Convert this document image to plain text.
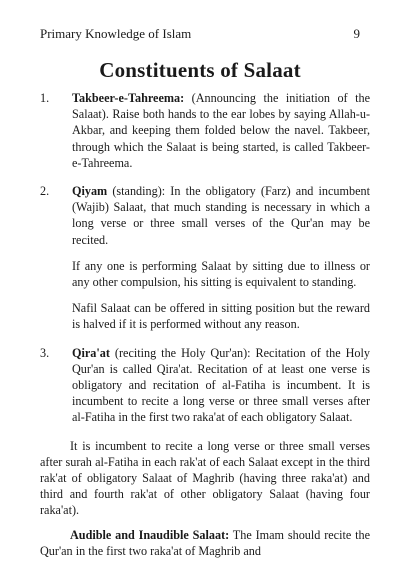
Primary Knowledge of Islam	9
Constituents of Salaat
1.	Takbeer-e-Tahreema: (Announcing the initiation of the Salaat). Raise both hands to the ear lobes by saying Allah-u-Akbar, and keeping them folded below the navel. Takbeer, through which the Salaat is being started, is called Takbeer-e-Tahreema.

2.	Qiyam (standing): In the obligatory (Farz) and incumbent (Wajib) Salaat, that much standing is necessary in which a long verse or three small verses of the Qur'an may be recited.

If any one is performing Salaat by sitting due to illness or any other compulsion, his sitting is equivalent to standing.

Nafil Salaat can be offered in sitting position but the reward is halved if it is performed without any reason.

3.	Qira'at (reciting the Holy Qur'an): Recitation of the Holy Qur'an is called Qira'at. Recitation of at least one verse is obligatory and recitation of al-Fatiha is incumbent. It is incumbent to recite a long verse or three small verses after al-Fatiha in the first two raka'at of each obligatory Salaat.

It is incumbent to recite a long verse or three small verses after surah al-Fatiha in each rak'at of each Salaat except in the third rak'at of obligatory Salaat of Maghrib (having three raka'at) and third and fourth rak'at of other obligatory Salaat (having four raka'at).

Audible and Inaudible Salaat: The Imam should recite the Qur'an in the first two raka'at of Maghrib and
